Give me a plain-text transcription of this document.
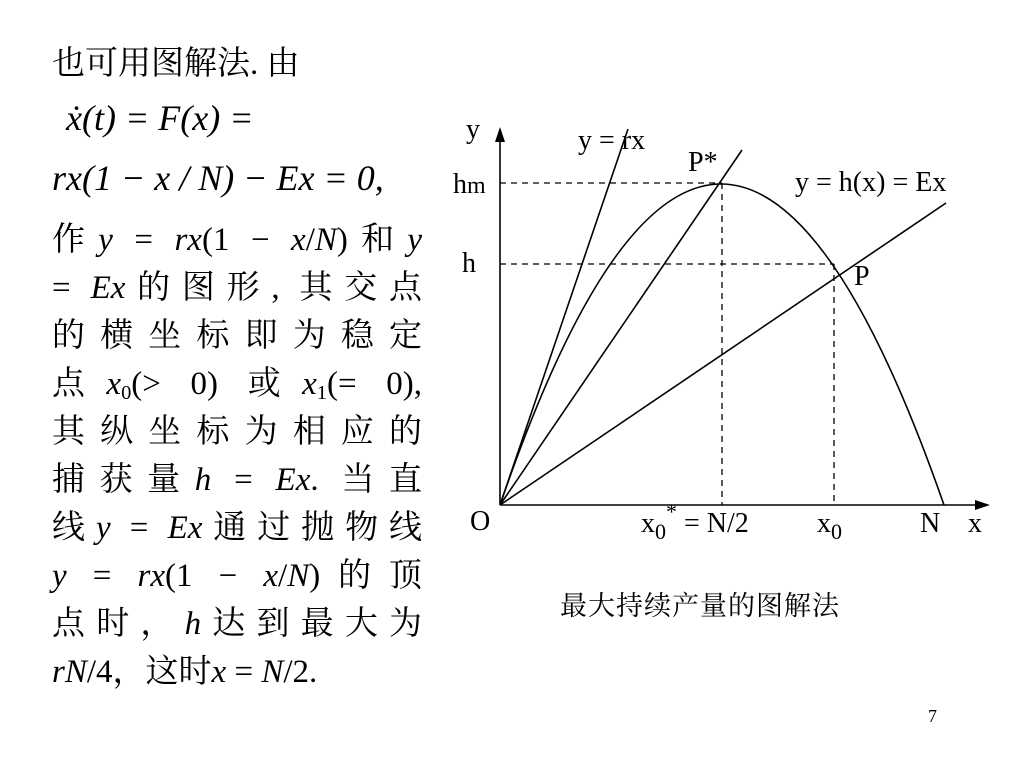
也可用图解法. 由
ẋ(t) = F(x) =
rx(1 − x / N) − Ex = 0,
作y = rx(1 − x/N)和y
= Ex的图形, 其交点
的横坐标即为稳定
点$x_0(> 0)$ 或$x_1(= 0)$,
其纵坐标为相应的
捕获量h = Ex. 当直
线y = Ex通过抛物线
y = rx(1 − x/N)的顶
点时，h达到最大为
rN/4，这时x = N/2.
y
x
O
y = rx
y = h(x) = Ex
P*
P
hm
h
$x_0^* = N/2$ $x_0$	N
最大持续产量的图解法
7
